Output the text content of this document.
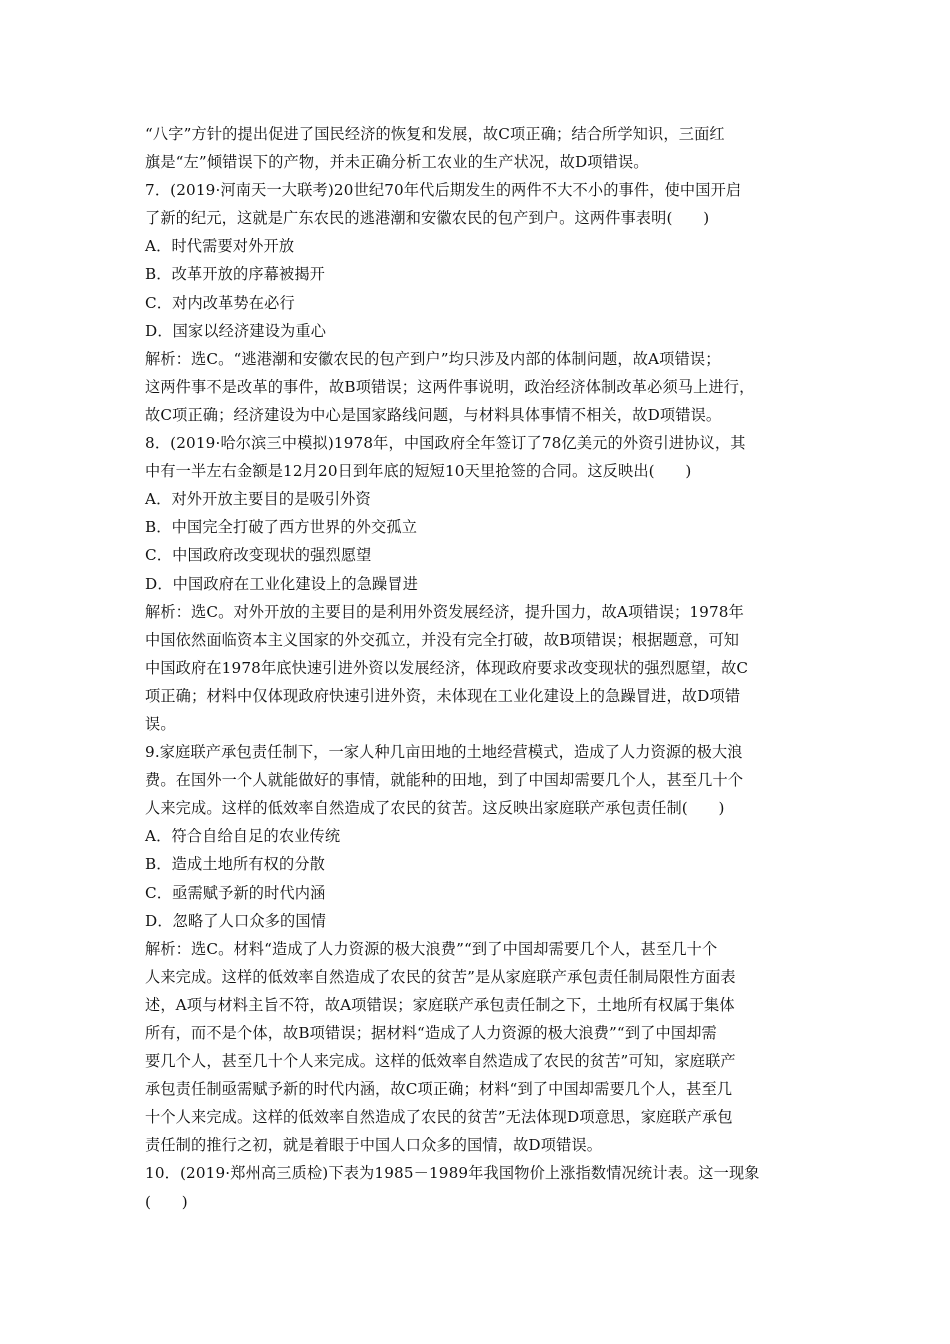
“八字”方针的提出促进了国民经济的恢复和发展，故C项正确；结合所学知识，三面红
旗是“左”倾错误下的产物，并未正确分析工农业的生产状况，故D项错误。
7．(2019·河南天一大联考)20世纪70年代后期发生的两件不大不小的事件，使中国开启
了新的纪元，这就是广东农民的逃港潮和安徽农民的包产到户。这两件事表明(　　)
A．时代需要对外开放
B．改革开放的序幕被揭开
C．对内改革势在必行
D．国家以经济建设为重心
解析：选C。“逃港潮和安徽农民的包产到户”均只涉及内部的体制问题，故A项错误；
这两件事不是改革的事件，故B项错误；这两件事说明，政治经济体制改革必须马上进行，
故C项正确；经济建设为中心是国家路线问题，与材料具体事情不相关，故D项错误。
8．(2019·哈尔滨三中模拟)1978年，中国政府全年签订了78亿美元的外资引进协议，其
中有一半左右金额是12月20日到年底的短短10天里抢签的合同。这反映出(　　)
A．对外开放主要目的是吸引外资
B．中国完全打破了西方世界的外交孤立
C．中国政府改变现状的强烈愿望
D．中国政府在工业化建设上的急躁冒进
解析：选C。对外开放的主要目的是利用外资发展经济，提升国力，故A项错误；1978年
中国依然面临资本主义国家的外交孤立，并没有完全打破，故B项错误；根据题意，可知
中国政府在1978年底快速引进外资以发展经济，体现政府要求改变现状的强烈愿望，故C
项正确；材料中仅体现政府快速引进外资，未体现在工业化建设上的急躁冒进，故D项错
误。
9.家庭联产承包责任制下，一家人种几亩田地的土地经营模式，造成了人力资源的极大浪
费。在国外一个人就能做好的事情，就能种的田地，到了中国却需要几个人，甚至几十个
人来完成。这样的低效率自然造成了农民的贫苦。这反映出家庭联产承包责任制(　　)
A．符合自给自足的农业传统
B．造成土地所有权的分散
C．亟需赋予新的时代内涵
D．忽略了人口众多的国情
解析：选C。材料“造成了人力资源的极大浪费”“到了中国却需要几个人，甚至几十个
人来完成。这样的低效率自然造成了农民的贫苦”是从家庭联产承包责任制局限性方面表
述，A项与材料主旨不符，故A项错误；家庭联产承包责任制之下，土地所有权属于集体
所有，而不是个体，故B项错误；据材料“造成了人力资源的极大浪费”“到了中国却需
要几个人，甚至几十个人来完成。这样的低效率自然造成了农民的贫苦”可知，家庭联产
承包责任制亟需赋予新的时代内涵，故C项正确；材料“到了中国却需要几个人，甚至几
十个人来完成。这样的低效率自然造成了农民的贫苦”无法体现D项意思，家庭联产承包
责任制的推行之初，就是着眼于中国人口众多的国情，故D项错误。
10．(2019·郑州高三质检)下表为1985－1989年我国物价上涨指数情况统计表。这一现象
(　　)
